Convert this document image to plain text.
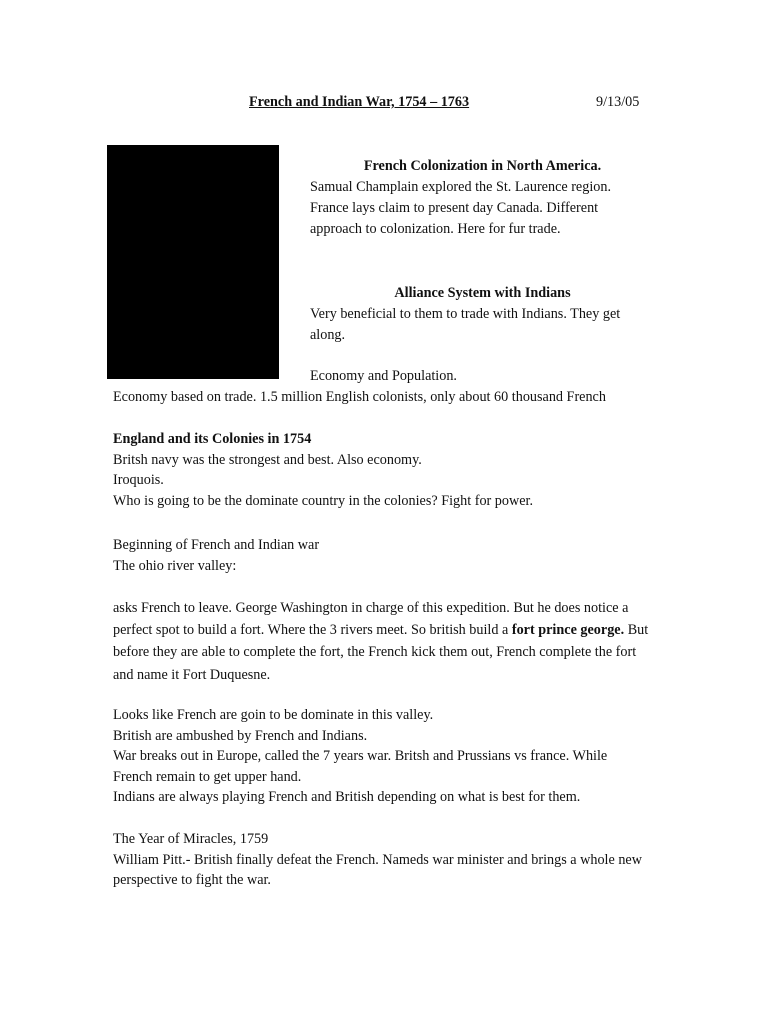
French and Indian War, 1754 – 1763	9/13/05
French Colonization in North America.
Samual Champlain explored the St. Laurence region.
France lays claim to present day Canada. Different
approach to colonization. Here for fur trade.
Alliance System with Indians
Very beneficial to them to trade with Indians. They get
along.
Economy and Population.
Economy based on trade. 1.5 million English colonists, only about 60 thousand French
England and its Colonies in 1754
Britsh navy was the strongest and best. Also economy.
Iroquois.
Who is going to be the dominate country in the colonies? Fight for power.
Beginning of French and Indian war
The ohio river valley:
asks French to leave. George Washington in charge of this expedition. But he does notice a perfect spot to build a fort. Where the 3 rivers meet. So british build a fort prince george. But before they are able to complete the fort, the French kick them out, French complete the fort and name it Fort Duquesne.
Looks like French are goin to be dominate in this valley.
British are ambushed by French and Indians.
War breaks out in Europe, called the 7 years war. Britsh and Prussians vs france. While French remain to get upper hand.
Indians are always playing French and British depending on what is best for them.
The Year of Miracles, 1759
William Pitt.- British finally defeat the French. Nameds war minister and brings a whole new perspective to fight the war.
